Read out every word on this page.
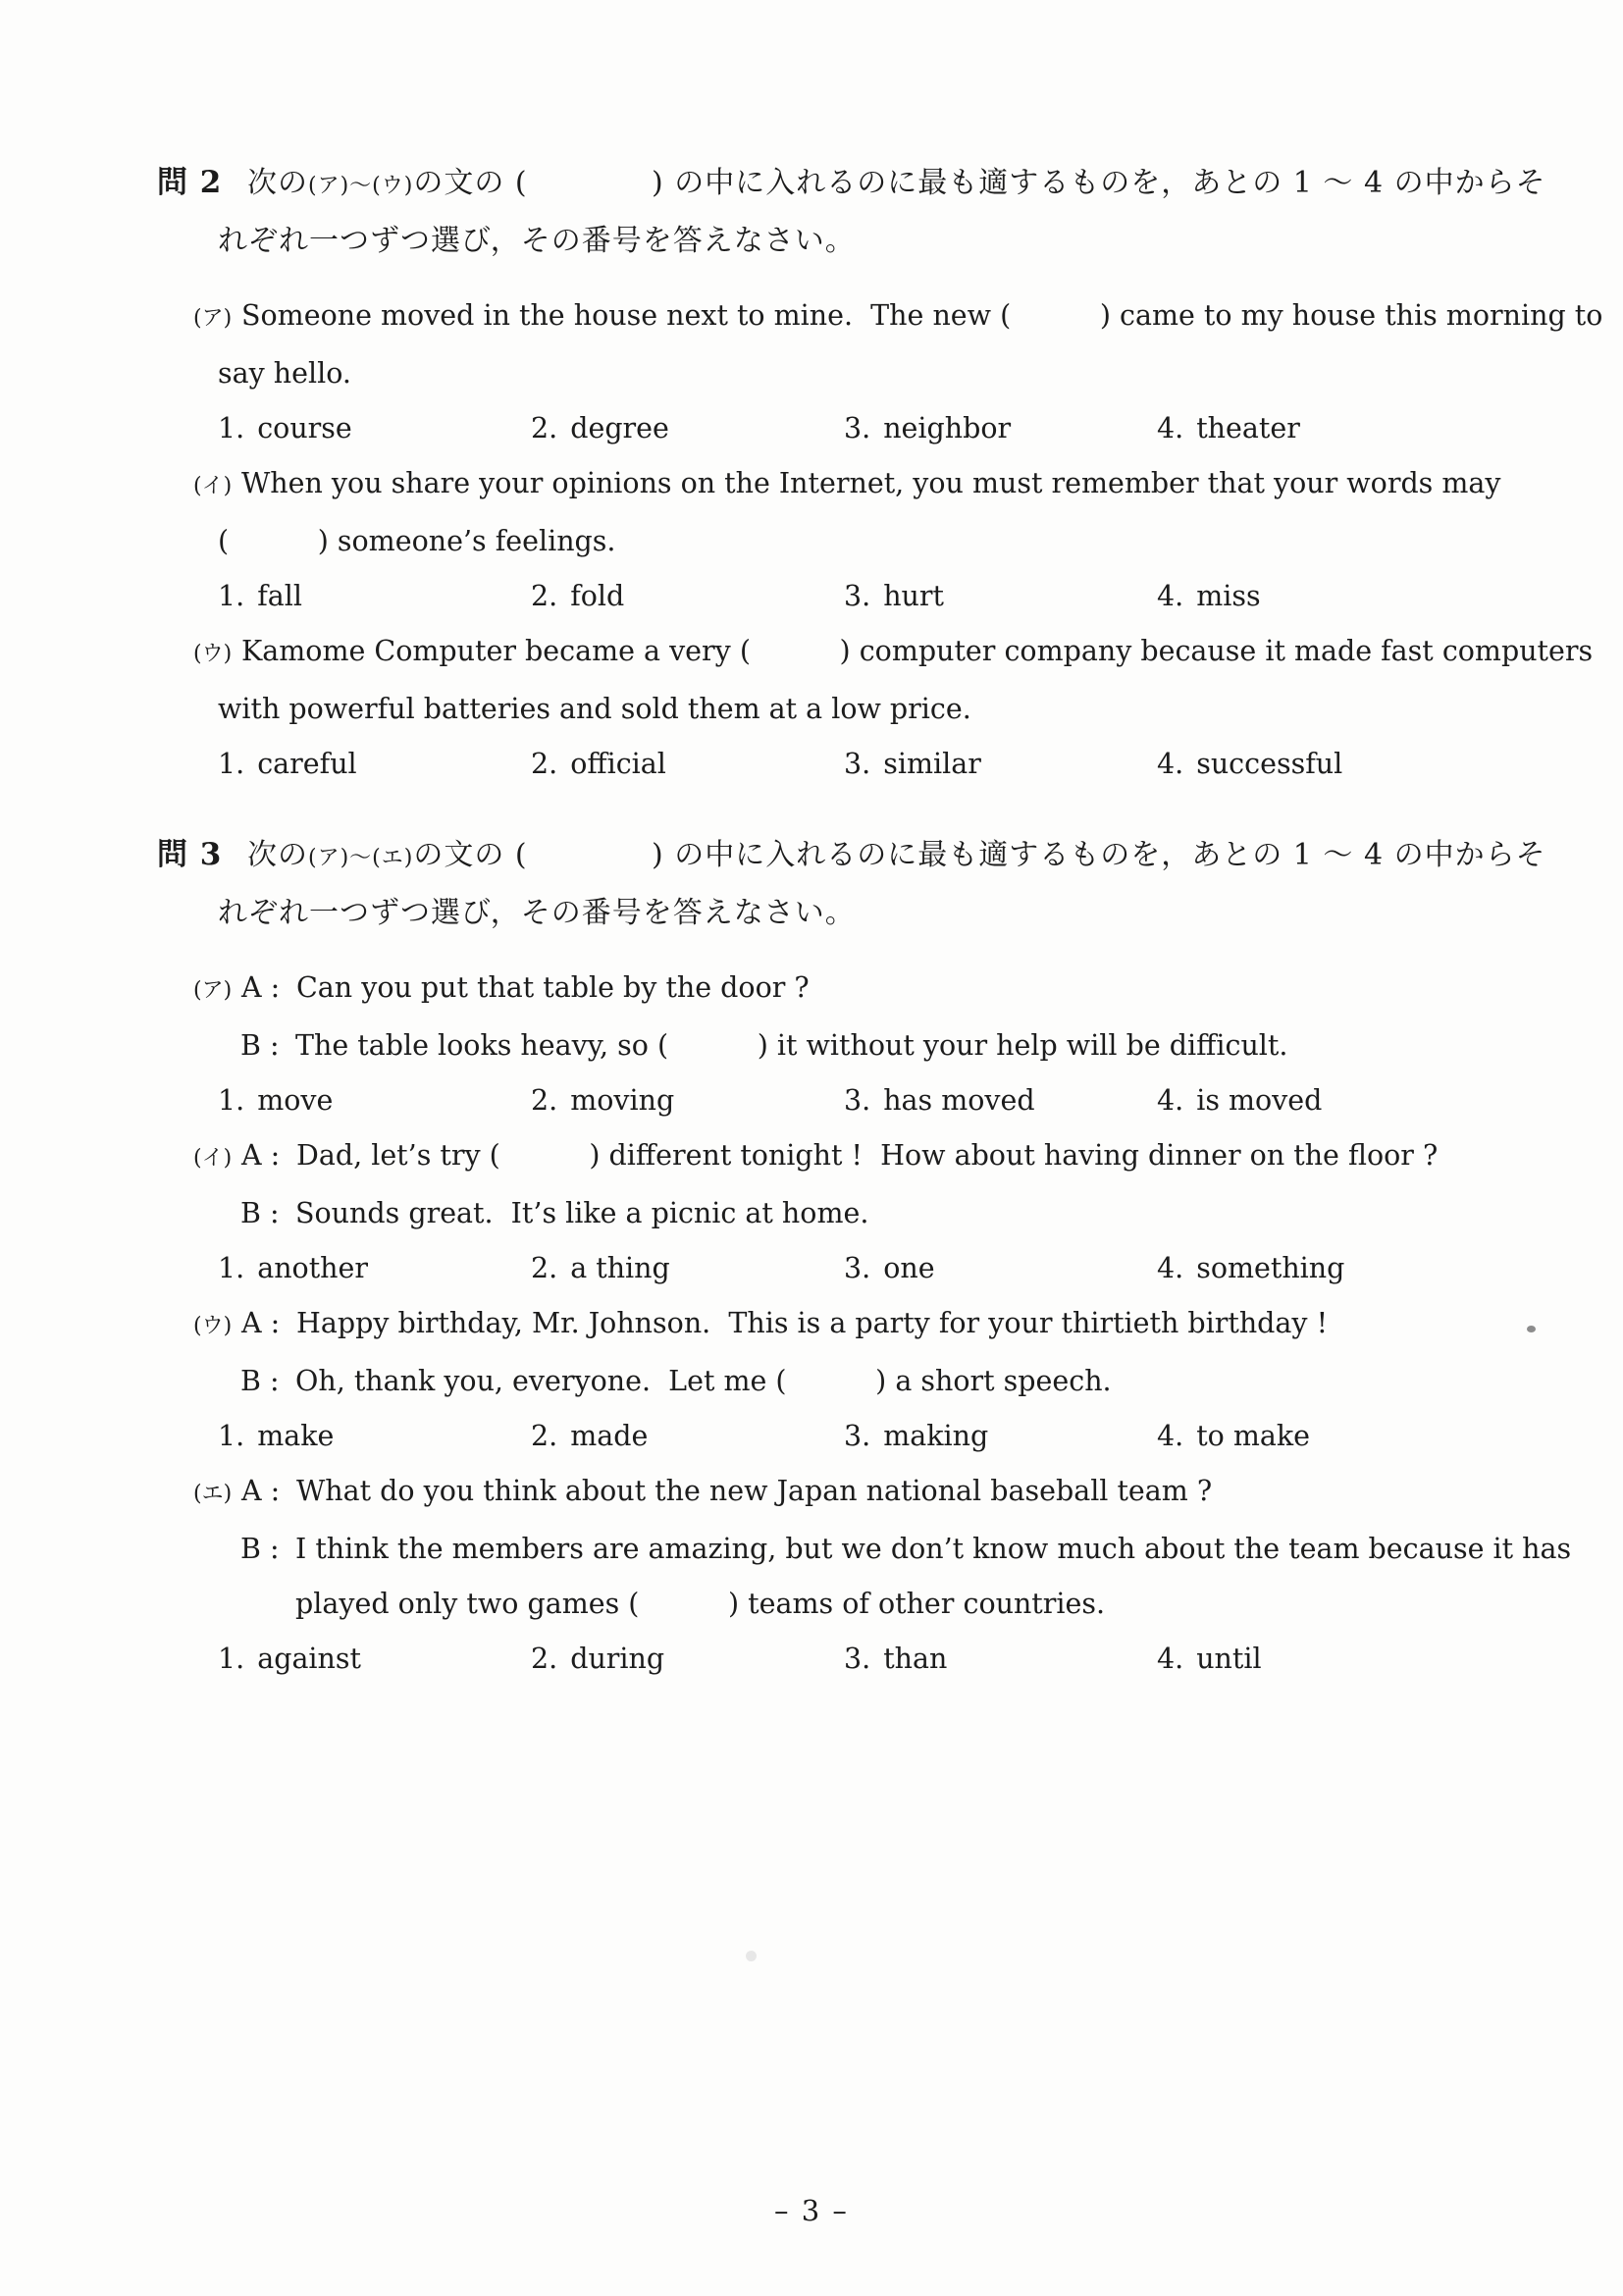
問 2 次の(ア)～(ウ)の文の (            ) の中に入れるのに最も適するものを，あとの 1 ～ 4 の中からそ
れぞれ一つずつ選び，その番号を答えなさい。
(ア) Someone moved in the house next to mine.  The new (          ) came to my house this morning to
say hello.
1. course	2. degree	3. neighbor	4. theater
(イ) When you share your opinions on the Internet, you must remember that your words may
(          ) someone’s feelings.
1. fall	2. fold	3. hurt	4. miss
(ウ) Kamome Computer became a very (          ) computer company because it made fast computers
with powerful batteries and sold them at a low price.
1. careful	2. official	3. similar	4. successful
問 3 次の(ア)～(エ)の文の (            ) の中に入れるのに最も適するものを，あとの 1 ～ 4 の中からそ
れぞれ一つずつ選び，その番号を答えなさい。
(ア) A : Can you put that table by the door ?
B : The table looks heavy, so (          ) it without your help will be difficult.
1. move	2. moving	3. has moved	4. is moved
(イ) A : Dad, let’s try (          ) different tonight !  How about having dinner on the floor ?
B : Sounds great.  It’s like a picnic at home.
1. another	2. a thing	3. one	4. something
(ウ) A : Happy birthday, Mr. Johnson.  This is a party for your thirtieth birthday !
B : Oh, thank you, everyone.  Let me (          ) a short speech.
1. make	2. made	3. making	4. to make
(エ) A : What do you think about the new Japan national baseball team ?
B : I think the members are amazing, but we don’t know much about the team because it has
played only two games (          ) teams of other countries.
1. against	2. during	3. than	4. until
– 3 –
